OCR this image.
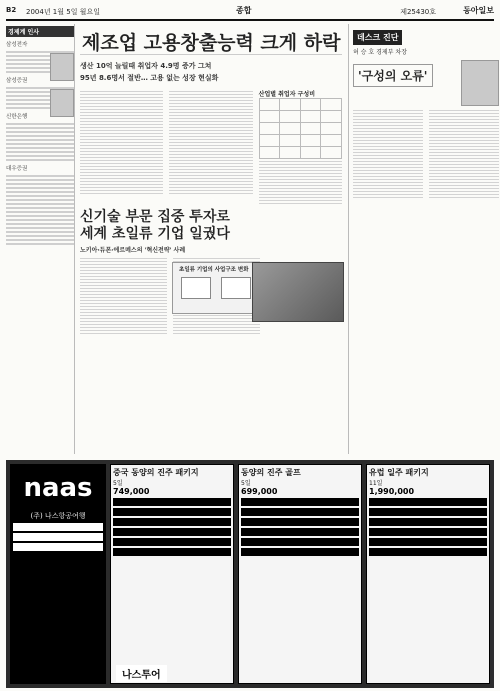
B2 2004년 1월 5일 월요일	종합	제25430호	동아일보
경제계 인사
삼성전자
삼성증권
신한은행
대우증권
제조업 고용창출능력 크게 하락
생산 10억 늘릴때 취업자 4.9명 증가 그쳐
95년 8.6명서 절반… 고용 없는 성장 현실화
산업별 취업자 구성비

신기술 부문 집중 투자로
세계 초일류 기업 일궜다
노키아·듀폰·에르메스의 '혁신전략' 사례
초일류 기업의 사업구조 변화
데스크 진단
허 승 호 경제부 차장
'구성의 오류'
naas
(주) 나스항공여행
중국 동양의 진주 패키지
5일
749,000
동양의 진주 골프
5일
699,000
유럽 일주 패키지
11일
1,990,000
나스투어
